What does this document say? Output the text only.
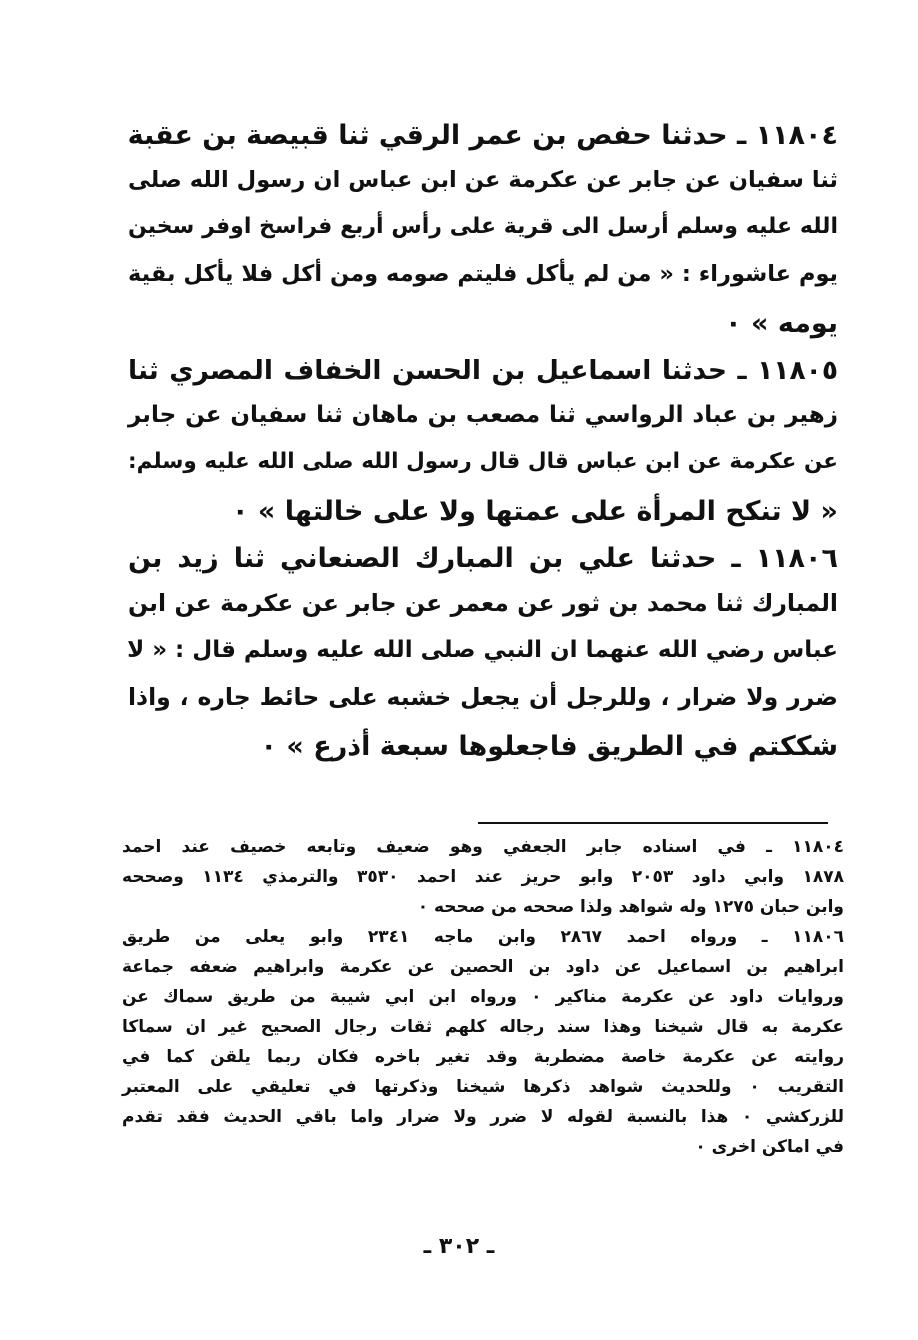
١١٨٠٤ ـ حدثنا حفص بن عمر الرقي ثنا قبيصة بن عقبة
ثنا سفيان عن جابر عن عكرمة عن ابن عباس ان رسول الله صلى
الله عليه وسلم أرسل الى قرية على رأس أربع فراسخ اوفر سخين
يوم عاشوراء : « من لم يأكل فليتم صومه ومن أكل فلا يأكل بقية
يومه » ٠
١١٨٠٥ ـ حدثنا اسماعيل بن الحسن الخفاف المصري ثنا
زهير بن عباد الرواسي ثنا مصعب بن ماهان ثنا سفيان عن جابر
عن عكرمة عن ابن عباس قال قال رسول الله صلى الله عليه وسلم:
« لا تنكح المرأة على عمتها ولا على خالتها » ٠
١١٨٠٦ ـ حدثنا علي بن المبارك الصنعاني ثنا زيد بن
المبارك ثنا محمد بن ثور عن معمر عن جابر عن عكرمة عن ابن
عباس رضي الله عنهما ان النبي صلى الله عليه وسلم قال : « لا
ضرر ولا ضرار ، وللرجل أن يجعل خشبه على حائط جاره ، واذا
شككتم في الطريق فاجعلوها سبعة أذرع » ٠
١١٨٠٤ ـ في اسناده جابر الجعفي وهو ضعيف وتابعه خصيف عند احمد
١٨٧٨ وابي داود ٢٠٥٣ وابو حريز عند احمد ٣٥٣٠ والترمذي ١١٣٤ وصححه
وابن حبان ١٢٧٥ وله شواهد ولذا صححه من صححه ٠
١١٨٠٦ ـ ورواه احمد ٢٨٦٧ وابن ماجه ٢٣٤١ وابو يعلى من طريق
ابراهيم بن اسماعيل عن داود بن الحصين عن عكرمة وابراهيم ضعفه جماعة
وروايات داود عن عكرمة مناكير ٠ ورواه ابن ابي شيبة من طريق سماك عن
عكرمة به قال شيخنا وهذا سند رجاله كلهم ثقات رجال الصحيح غير ان سماكا
روايته عن عكرمة خاصة مضطربة وقد تغير باخره فكان ربما يلقن كما في
التقريب ٠ وللحديث شواهد ذكرها شيخنا وذكرتها في تعليقي على المعتبر
للزركشي ٠ هذا بالنسبة لقوله لا ضرر ولا ضرار واما باقي الحديث فقد تقدم
في اماكن اخرى ٠
ـ ٣٠٢ ـ
